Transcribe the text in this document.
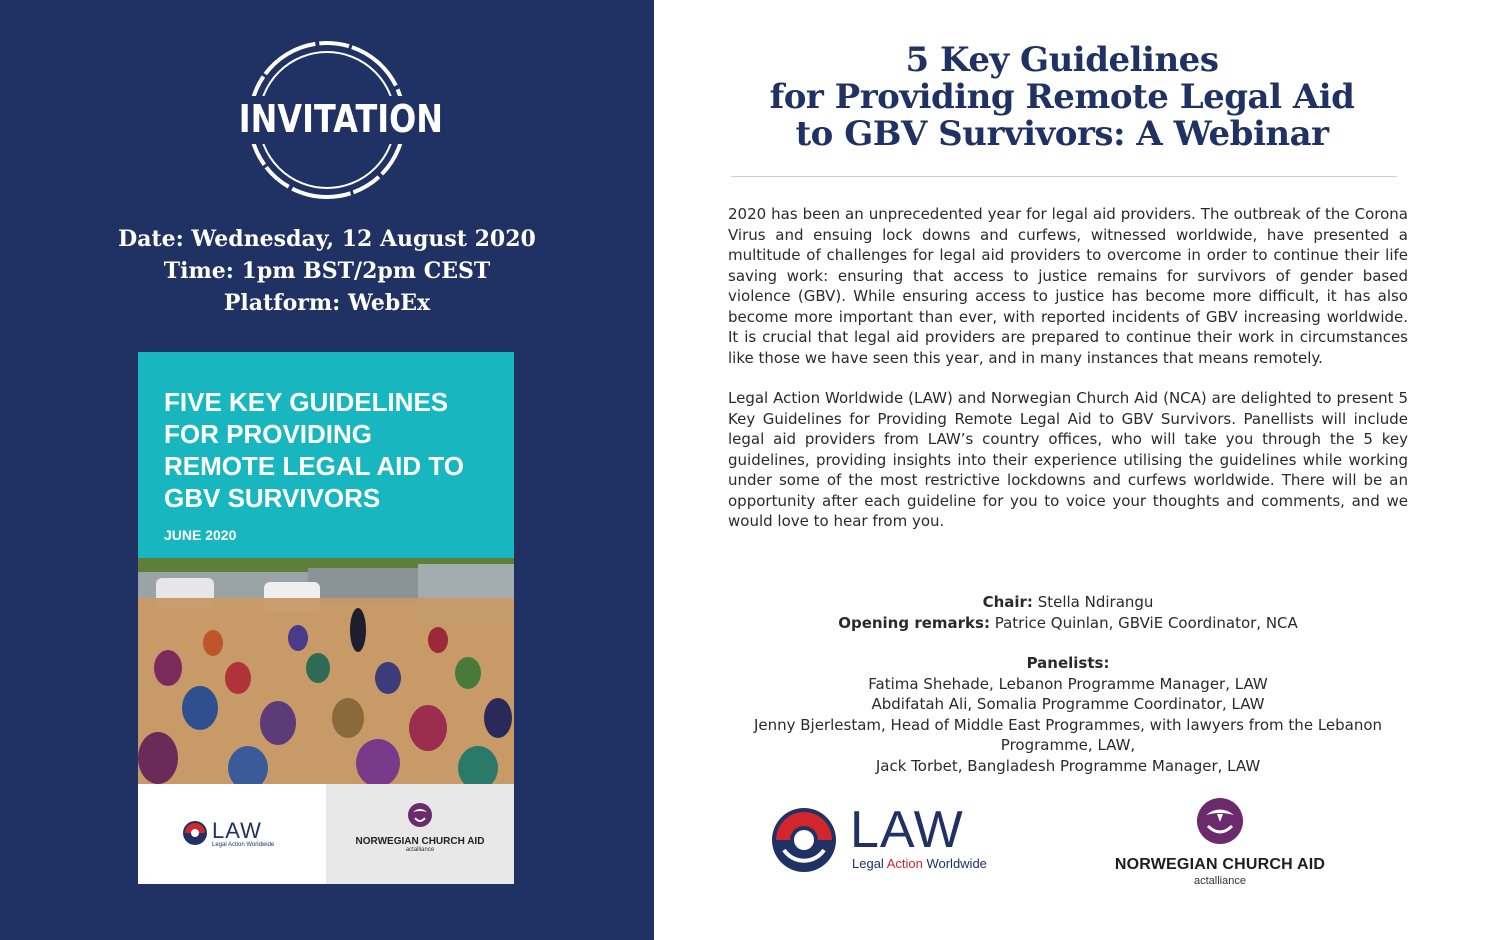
INVITATION
Date: Wednesday, 12 August 2020
Time: 1pm BST/2pm CEST
Platform: WebEx
FIVE KEY GUIDELINES
FOR PROVIDING
REMOTE LEGAL AID TO
GBV SURVIVORS
JUNE 2020
LAW
Legal Action Worldwide	NORWEGIAN CHURCH AID
actalliance
5 Key Guidelines
for Providing Remote Legal Aid
to GBV Survivors: A Webinar

2020 has been an unprecedented year for legal aid providers. The outbreak of the Corona Virus and ensuing lock downs and curfews, witnessed worldwide, have presented a multitude of challenges for legal aid providers to overcome in order to continue their life saving work: ensuring that access to justice remains for survivors of gender based violence (GBV). While ensuring access to justice has become more difficult, it has also become more important than ever, with reported incidents of GBV increasing worldwide. It is crucial that legal aid providers are prepared to continue their work in circumstances like those we have seen this year, and in many instances that means remotely.

Legal Action Worldwide (LAW) and Norwegian Church Aid (NCA) are delighted to present 5 Key Guidelines for Providing Remote Legal Aid to GBV Survivors. Panellists will include legal aid providers from LAW’s country offices, who will take you through the 5 key guidelines, providing insights into their experience utilising the guidelines while working under some of the most restrictive lockdowns and curfews worldwide. There will be an opportunity after each guideline for you to voice your thoughts and comments, and we would love to hear from you.

Chair: Stella Ndirangu
Opening remarks: Patrice Quinlan, GBViE Coordinator, NCA
Panelists:
Fatima Shehade, Lebanon Programme Manager, LAW
Abdifatah Ali, Somalia Programme Coordinator, LAW
Jenny Bjerlestam, Head of Middle East Programmes, with lawyers from the Lebanon Programme, LAW,
Jack Torbet, Bangladesh Programme Manager, LAW
LAW
Legal Action Worldwide	NORWEGIAN CHURCH AID
actalliance
